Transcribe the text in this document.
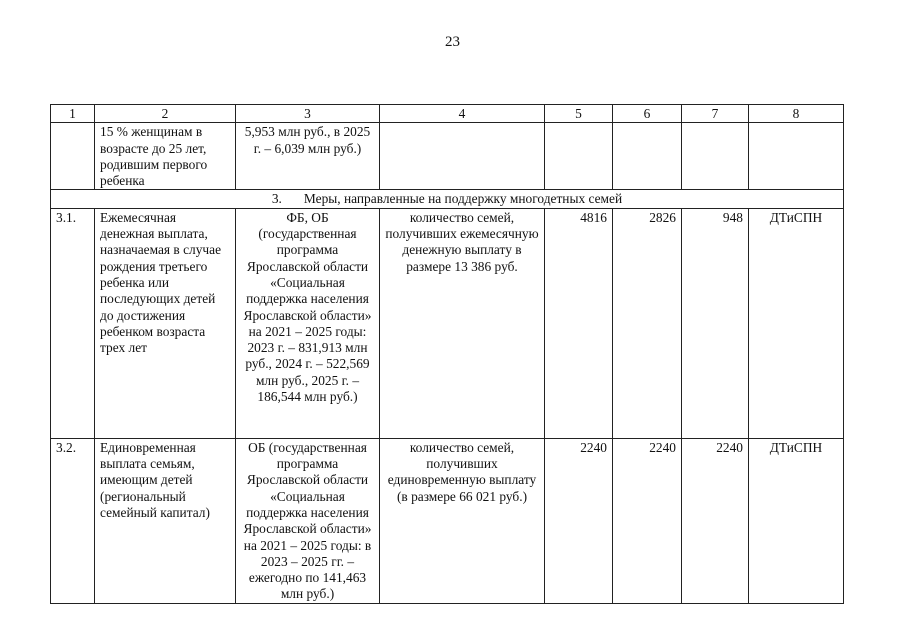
23
1	2	3	4	5	6	7	8
	15 % женщинам в возрасте до 25 лет, родившим первого ребенка	5,953 млн руб., в 2025 г. – 6,039 млн руб.)					
3. Меры, направленные на поддержку многодетных семей							
3.1.	Ежемесячная денежная выплата, назначаемая в случае рождения третьего ребенка или последующих детей до достижения ребенком возраста трех лет	ФБ, ОБ (государственная программа Ярославской области «Социальная поддержка населения Ярославской области» на 2021 – 2025 годы: 2023 г. – 831,913 млн руб., 2024 г. – 522,569 млн руб., 2025 г. –186,544 млн руб.)	количество семей, получивших ежемесячную денежную выплату в размере 13 386 руб.	4816	2826	948	ДТиСПН
3.2.	Единовременная выплата семьям, имеющим детей (региональный семейный капитал)	ОБ (государственная программа Ярославской области «Социальная поддержка населения Ярославской области» на 2021 – 2025 годы: в 2023 – 2025 гг. – ежегодно по 141,463 млн руб.)	количество семей, получивших единовременную выплату (в размере 66 021 руб.)	2240	2240	2240	ДТиСПН
